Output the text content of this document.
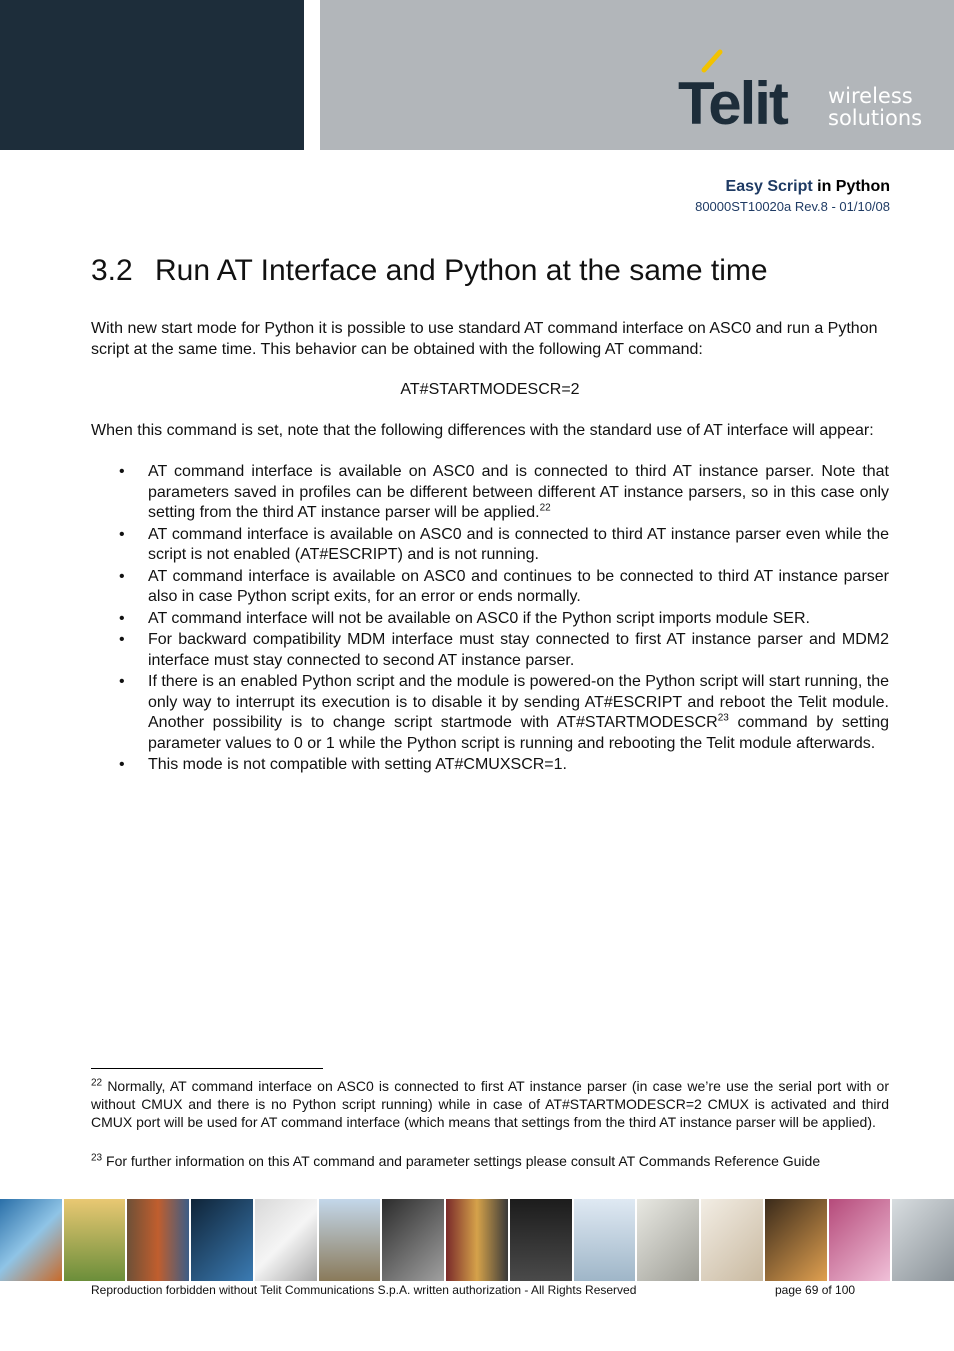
Telit wireless
solutions
Easy Script in Python
80000ST10020a Rev.8 - 01/10/08
3.2 Run AT Interface and Python at the same time
With new start mode for Python it is possible to use standard AT command interface on ASC0 and run a Python script at the same time. This behavior can be obtained with the following AT command:
AT#STARTMODESCR=2
When this command is set, note that the following differences with the standard use of AT interface will appear:
• AT command interface is available on ASC0 and is connected to third AT instance parser. Note that parameters saved in profiles can be different between different AT instance parsers, so in this case only setting from the third AT instance parser will be applied.$^{22}$
• AT command interface is available on ASC0 and is connected to third AT instance parser even while the script is not enabled (AT#ESCRIPT) and is not running.
• AT command interface is available on ASC0 and continues to be connected to third AT instance parser also in case Python script exits, for an error or ends normally.
• AT command interface will not be available on ASC0 if the Python script imports module SER.
• For backward compatibility MDM interface must stay connected to first AT instance parser and MDM2 interface must stay connected to second AT instance parser.
• If there is an enabled Python script and the module is powered-on the Python script will start running, the only way to interrupt its execution is to disable it by sending AT#ESCRIPT and reboot the Telit module. Another possibility is to change script startmode with AT#STARTMODESCR$^{23}$ command by setting parameter values to 0 or 1 while the Python script is running and rebooting the Telit module afterwards.
• This mode is not compatible with setting AT#CMUXSCR=1.
$^{22}$ Normally, AT command interface on ASC0 is connected to first AT instance parser (in case we’re use the serial port with or without CMUX and there is no Python script running) while in case of AT#STARTMODESCR=2 CMUX is activated and third CMUX port will be used for AT command interface (which means that settings from the third AT instance parser will be applied).
$^{23}$ For further information on this AT command and parameter settings please consult AT Commands Reference Guide
Reproduction forbidden without Telit Communications S.p.A. written authorization - All Rights Reserved	page 69 of 100
